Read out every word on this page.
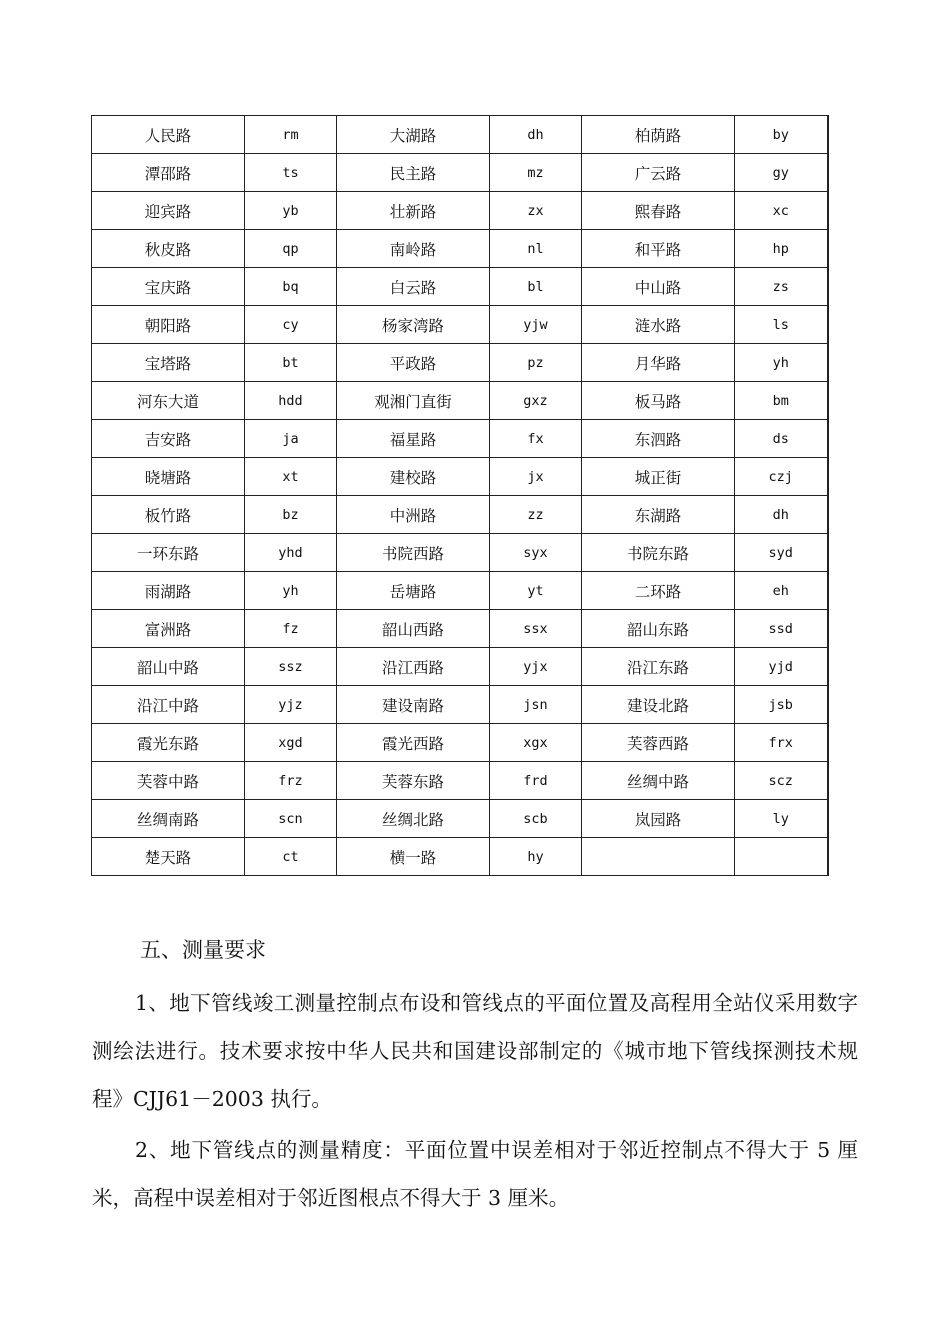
人民路	rm	大湖路	dh	柏荫路	by
潭邵路	ts	民主路	mz	广云路	gy
迎宾路	yb	壮新路	zx	熙春路	xc
秋皮路	qp	南岭路	nl	和平路	hp
宝庆路	bq	白云路	bl	中山路	zs
朝阳路	cy	杨家湾路	yjw	涟水路	ls
宝塔路	bt	平政路	pz	月华路	yh
河东大道	hdd	观湘门直街	gxz	板马路	bm
吉安路	ja	福星路	fx	东泗路	ds
晓塘路	xt	建校路	jx	城正街	czj
板竹路	bz	中洲路	zz	东湖路	dh
一环东路	yhd	书院西路	syx	书院东路	syd
雨湖路	yh	岳塘路	yt	二环路	eh
富洲路	fz	韶山西路	ssx	韶山东路	ssd
韶山中路	ssz	沿江西路	yjx	沿江东路	yjd
沿江中路	yjz	建设南路	jsn	建设北路	jsb
霞光东路	xgd	霞光西路	xgx	芙蓉西路	frx
芙蓉中路	frz	芙蓉东路	frd	丝绸中路	scz
丝绸南路	scn	丝绸北路	scb	岚园路	ly
楚天路	ct	横一路	hy		
五、测量要求

1、地下管线竣工测量控制点布设和管线点的平面位置及高程用全站仪采用数字测绘法进行。技术要求按中华人民共和国建设部制定的《城市地下管线探测技术规程》CJJ61－2003 执行。

2、地下管线点的测量精度：平面位置中误差相对于邻近控制点不得大于 5 厘米，高程中误差相对于邻近图根点不得大于 3 厘米。
